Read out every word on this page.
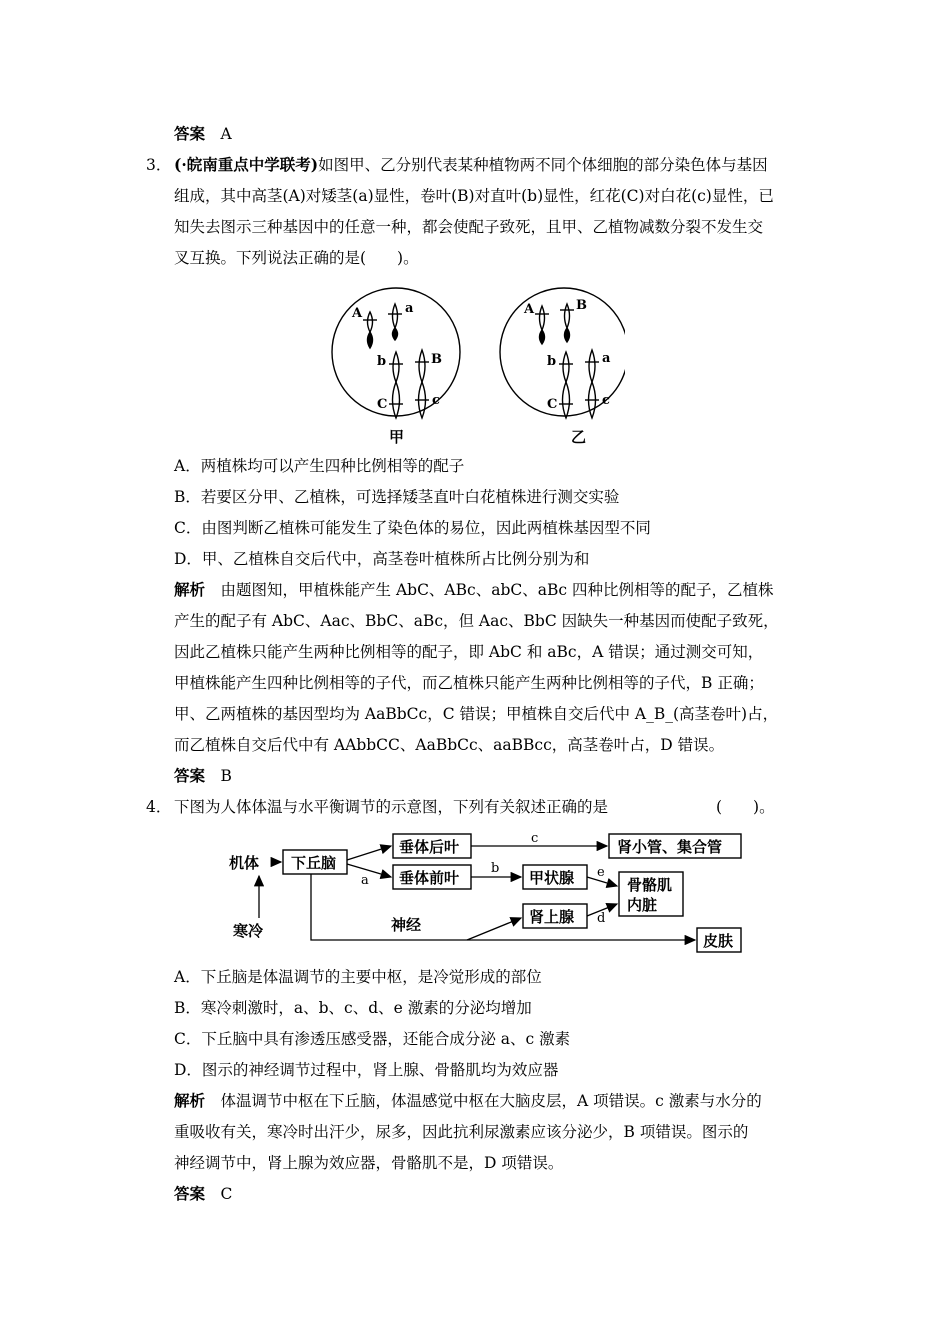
答案　 A
3． (·皖南重点中学联考)如图甲、乙分别代表某种植物两不同个体细胞的部分染色体与基因
组成，其中高茎(A)对矮茎(a)显性，卷叶(B)对直叶(b)显性，红花(C)对白花(c)显性，已
知失去图示三种基因中的任意一种，都会使配子致死，且甲、乙植物减数分裂不发生交
叉互换。下列说法正确的是(　　)。
A	a
b	B
C	c
甲
A	B
b	a
C	c
乙
A．两植株均可以产生四种比例相等的配子
B．若要区分甲、乙植株，可选择矮茎直叶白花植株进行测交实验
C．由图判断乙植株可能发生了染色体的易位，因此两植株基因型不同
D．甲、乙植株自交后代中，高茎卷叶植株所占比例分别为和
解析　 由题图知，甲植株能产生 AbC、ABc、abC、aBc 四种比例相等的配子，乙植株
产生的配子有 AbC、Aac、BbC、aBc，但 Aac、BbC 因缺失一种基因而使配子致死，
因此乙植株只能产生两种比例相等的配子，即 AbC 和 aBc，A 错误；通过测交可知，
甲植株能产生四种比例相等的子代，而乙植株只能产生两种比例相等的子代，B 正确；
甲、乙两植株的基因型均为 AaBbCc，C 错误；甲植株自交后代中 A_B_(高茎卷叶)占，
而乙植株自交后代中有 AAbbCC、AaBbCc、aaBBcc，高茎卷叶占，D 错误。
答案　 B
4． 下图为人体体温与水平衡调节的示意图，下列有关叙述正确的是	(　　)。
机体
寒冷
下丘脑
垂体后叶
垂体前叶
肾小管、集合管
甲状腺
肾上腺
骨骼肌
内脏
皮肤
神经
a
b
c
d
e
A．下丘脑是体温调节的主要中枢，是冷觉形成的部位
B．寒冷刺激时，a、b、c、d、e 激素的分泌均增加
C．下丘脑中具有渗透压感受器，还能合成分泌 a、c 激素
D．图示的神经调节过程中，肾上腺、骨骼肌均为效应器
解析　 体温调节中枢在下丘脑，体温感觉中枢在大脑皮层，A 项错误。c 激素与水分的
重吸收有关，寒冷时出汗少，尿多，因此抗利尿激素应该分泌少，B 项错误。图示的
神经调节中，肾上腺为效应器，骨骼肌不是，D 项错误。
答案　 C
